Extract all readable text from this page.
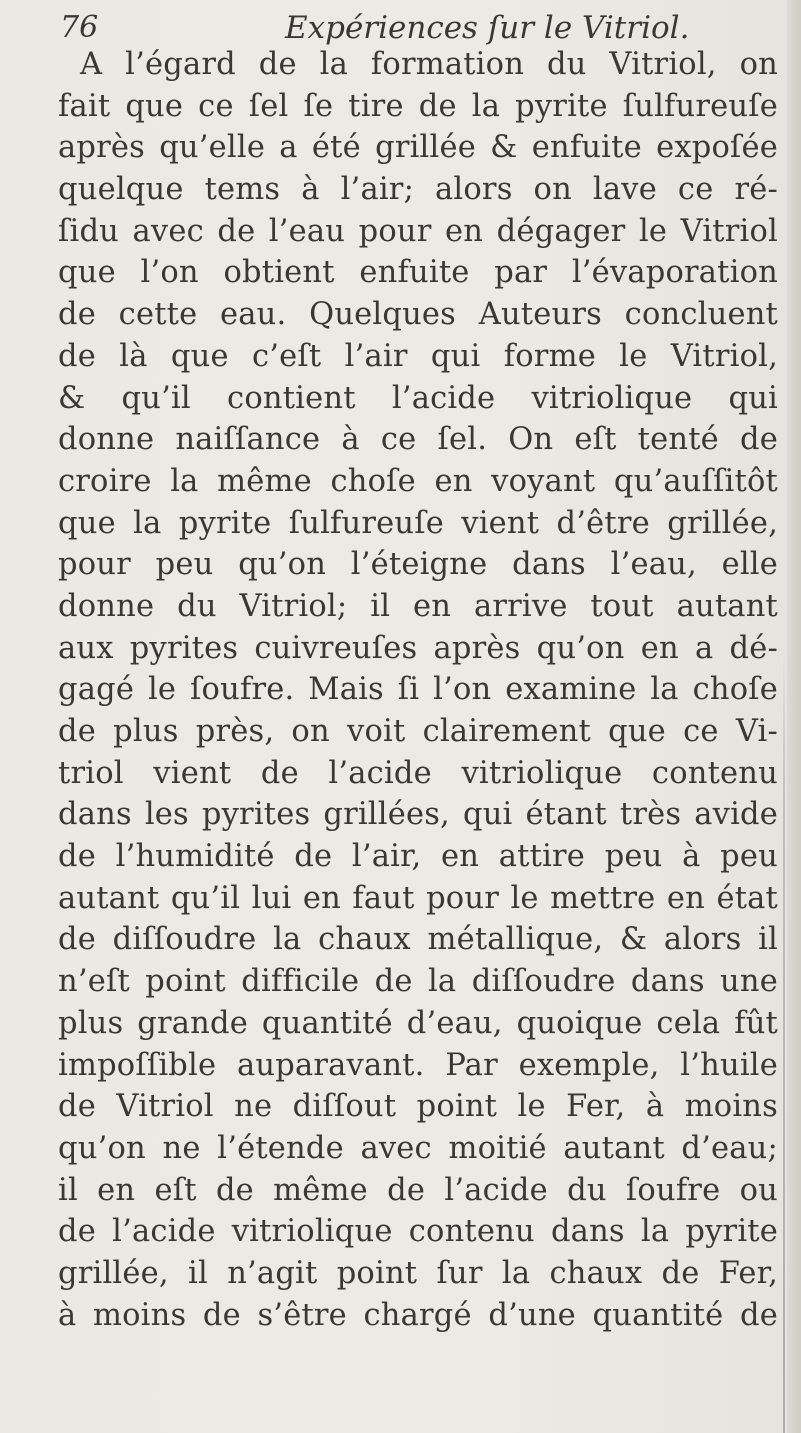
76	Expériences ſur le Vitriol.
A l’égard de la formation du Vitriol, on
fait que ce ſel ſe tire de la pyrite ſulfureuſe
après qu’elle a été grillée & enfuite expoſée
quelque tems à l’air; alors on lave ce ré-
ſidu avec de l’eau pour en dégager le Vitriol
que l’on obtient enfuite par l’évaporation
de cette eau. Quelques Auteurs concluent
de là que c’eſt l’air qui forme le Vitriol,
& qu’il contient l’acide vitriolique qui
donne naiſſance à ce ſel. On eſt tenté de
croire la même choſe en voyant qu’auſſitôt
que la pyrite ſulfureuſe vient d’être grillée,
pour peu qu’on l’éteigne dans l’eau, elle
donne du Vitriol; il en arrive tout autant
aux pyrites cuivreuſes après qu’on en a dé-
gagé le ſoufre. Mais ſi l’on examine la choſe
de plus près, on voit clairement que ce Vi-
triol vient de l’acide vitriolique contenu
dans les pyrites grillées, qui étant très avide
de l’humidité de l’air, en attire peu à peu
autant qu’il lui en faut pour le mettre en état
de diſſoudre la chaux métallique, & alors il
n’eſt point difficile de la diſſoudre dans une
plus grande quantité d’eau, quoique cela fût
impoſſible auparavant. Par exemple, l’huile
de Vitriol ne diſſout point le Fer, à moins
qu’on ne l’étende avec moitié autant d’eau;
il en eſt de même de l’acide du ſoufre ou
de l’acide vitriolique contenu dans la pyrite
grillée, il n’agit point ſur la chaux de Fer,
à moins de s’être chargé d’une quantité de
